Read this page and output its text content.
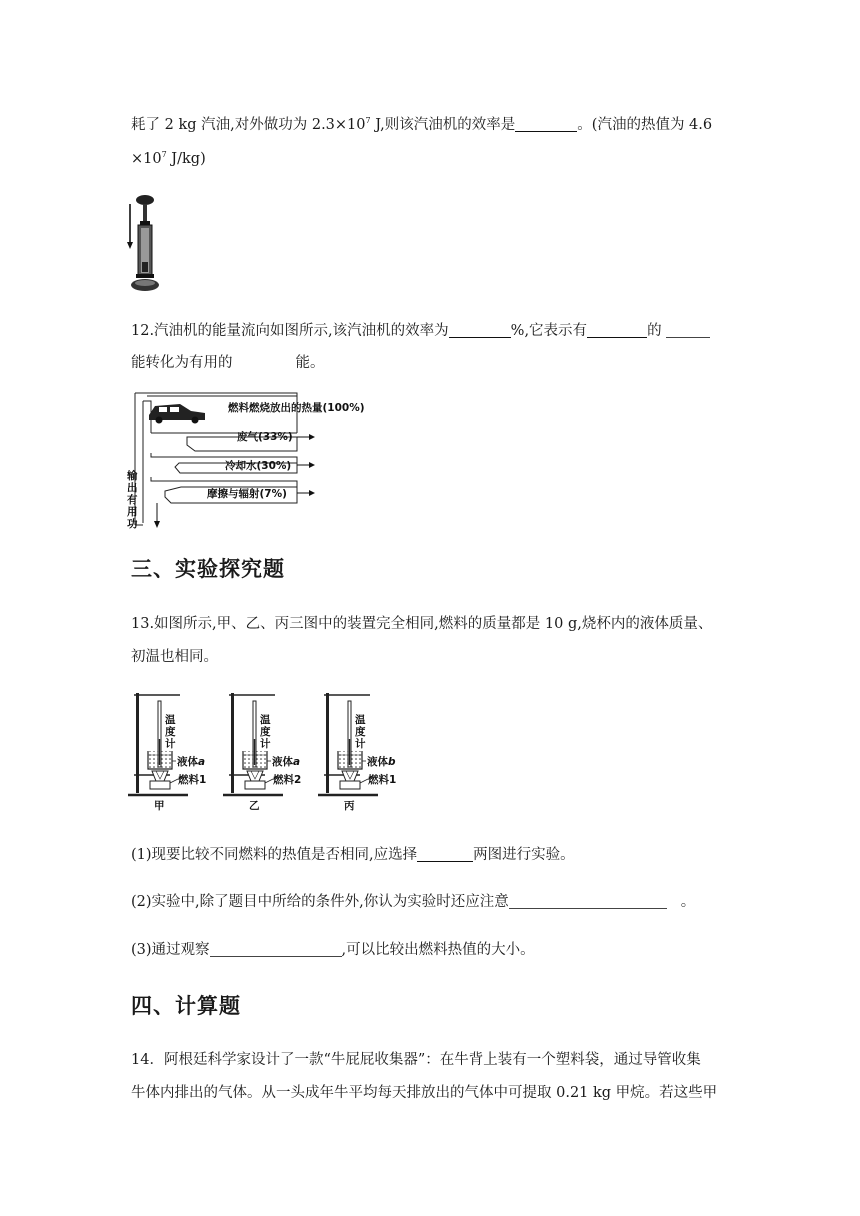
耗了 2 kg 汽油,对外做功为 $2.3\times 10^7$ J,则该汽油机的效率是	。(汽油的热值为 4.6
$\times 10^7$ J/kg)
12.汽油机的能量流向如图所示,该汽油机的效率为	%,它表示有	的
能转化为有用的	能。
燃料燃烧放出的热量(100%)
废气(33%)
冷却水(30%)
摩擦与辐射(7%)
输
出
有
用
功
三、实验探究题
13.如图所示,甲、乙、丙三图中的装置完全相同,燃料的质量都是 10 g,烧杯内的液体质量、
初温也相同。
温
度
计
液体a
燃料1
甲
温
度
计
液体a
燃料2
乙
温
度
计
液体b
燃料1
丙
(1)现要比较不同燃料的热值是否相同,应选择	两图进行实验。
(2)实验中,除了题目中所给的条件外,你认为实验时还应注意	。
(3)通过观察	,可以比较出燃料热值的大小。
四、计算题
14．阿根廷科学家设计了一款“牛屁屁收集器”：在牛背上装有一个塑料袋，通过导管收集
牛体内排出的气体。从一头成年牛平均每天排放出的气体中可提取 0.21 kg 甲烷。若这些甲
